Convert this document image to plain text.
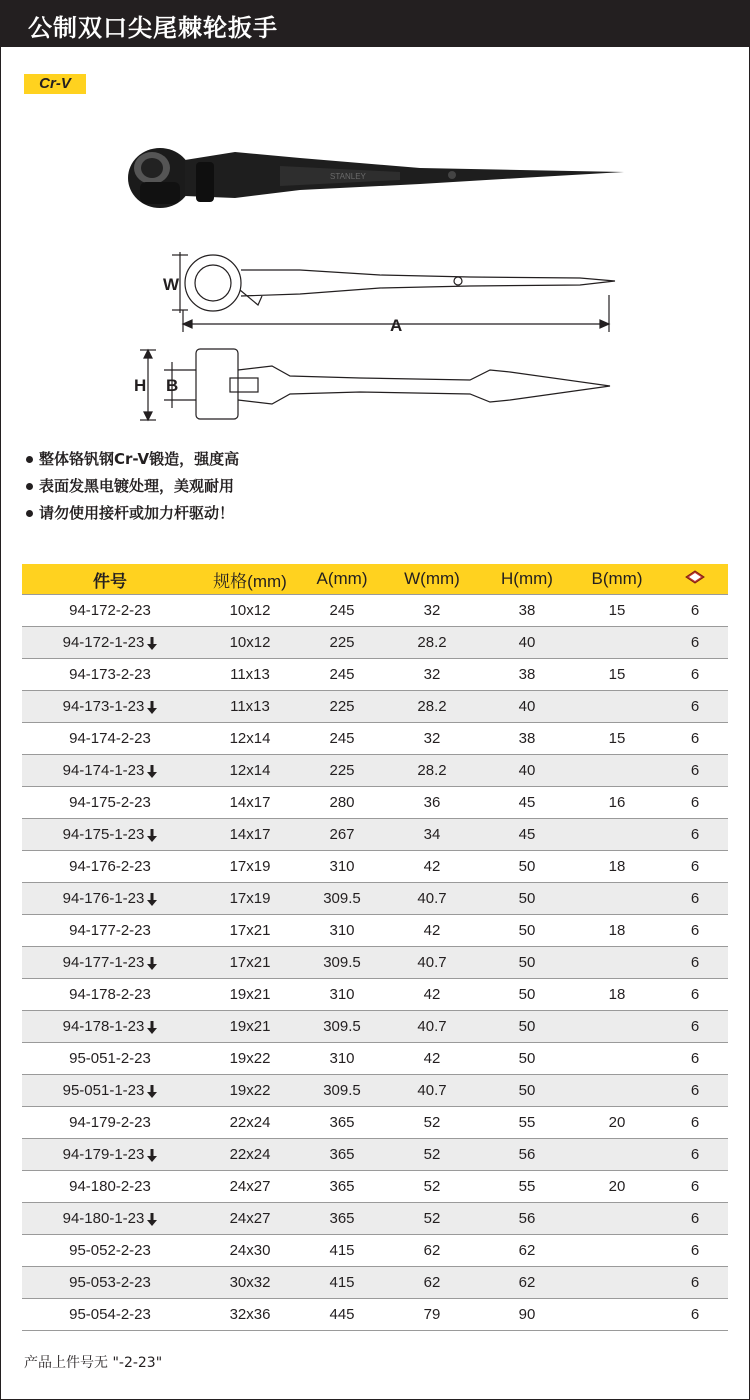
公制双口尖尾棘轮扳手
Cr-V
STANLEY
W
A
H B
整体铬钒钢Cr-V锻造，强度高
表面发黑电镀处理，美观耐用
请勿使用接杆或加力杆驱动！
件号	规格(mm)	A(mm)	W(mm)	H(mm)	B(mm)	
94-172-2-23	10x12	245	32	38	15	6
94-172-1-23	10x12	225	28.2	40		6
94-173-2-23	11x13	245	32	38	15	6
94-173-1-23	11x13	225	28.2	40		6
94-174-2-23	12x14	245	32	38	15	6
94-174-1-23	12x14	225	28.2	40		6
94-175-2-23	14x17	280	36	45	16	6
94-175-1-23	14x17	267	34	45		6
94-176-2-23	17x19	310	42	50	18	6
94-176-1-23	17x19	309.5	40.7	50		6
94-177-2-23	17x21	310	42	50	18	6
94-177-1-23	17x21	309.5	40.7	50		6
94-178-2-23	19x21	310	42	50	18	6
94-178-1-23	19x21	309.5	40.7	50		6
95-051-2-23	19x22	310	42	50		6
95-051-1-23	19x22	309.5	40.7	50		6
94-179-2-23	22x24	365	52	55	20	6
94-179-1-23	22x24	365	52	56		6
94-180-2-23	24x27	365	52	55	20	6
94-180-1-23	24x27	365	52	56		6
95-052-2-23	24x30	415	62	62		6
95-053-2-23	30x32	415	62	62		6
95-054-2-23	32x36	445	79	90		6
产品上件号无 "-2-23"
